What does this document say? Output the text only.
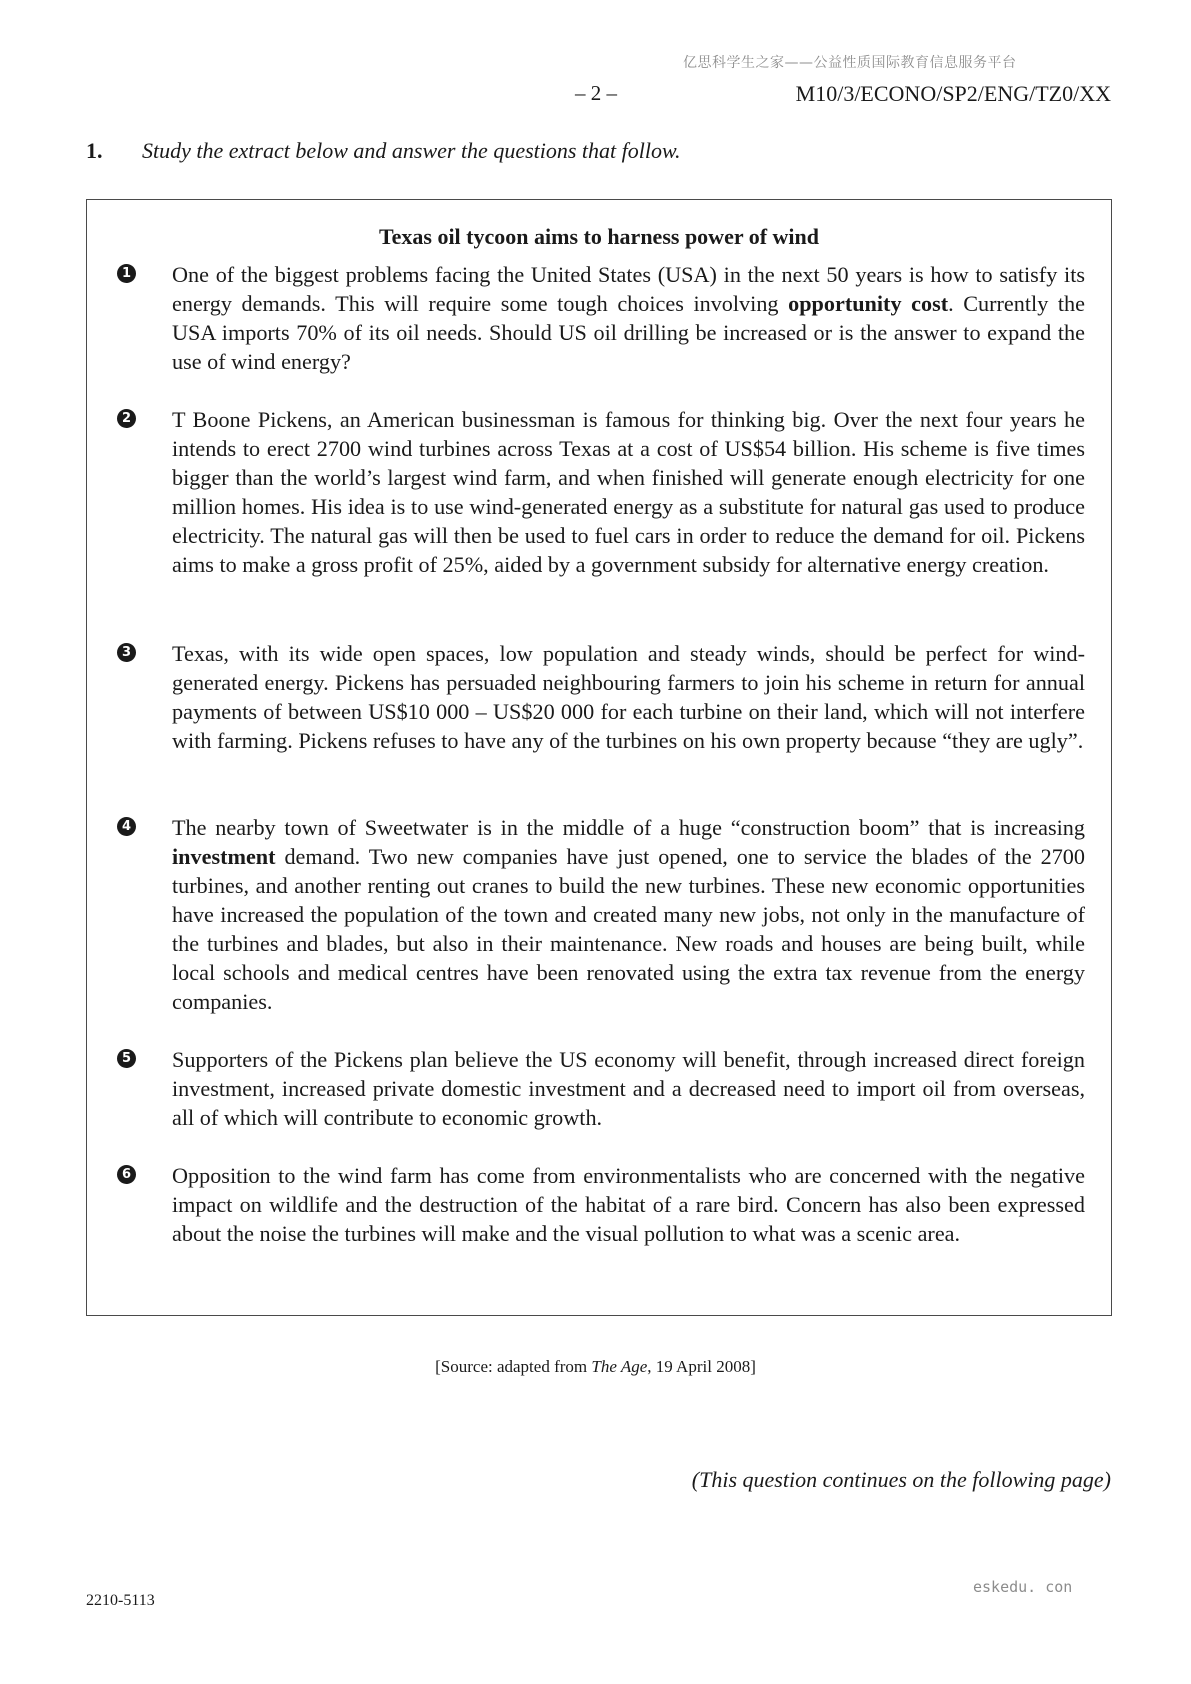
亿思科学生之家——公益性质国际教育信息服务平台
– 2 –	M10/3/ECONO/SP2/ENG/TZ0/XX
1. Study the extract below and answer the questions that follow.
Texas oil tycoon aims to harness power of wind
1 One of the biggest problems facing the United States (USA) in the next 50 years is how to satisfy its energy demands. This will require some tough choices involving opportunity cost. Currently the USA imports 70% of its oil needs. Should US oil drilling be increased or is the answer to expand the use of wind energy?
2 T Boone Pickens, an American businessman is famous for thinking big. Over the next four years he intends to erect 2700 wind turbines across Texas at a cost of US$54 billion. His scheme is five times bigger than the world’s largest wind farm, and when finished will generate enough electricity for one million homes. His idea is to use wind-generated energy as a substitute for natural gas used to produce electricity. The natural gas will then be used to fuel cars in order to reduce the demand for oil. Pickens aims to make a gross profit of 25%, aided by a government subsidy for alternative energy creation.
3 Texas, with its wide open spaces, low population and steady winds, should be perfect for wind-generated energy. Pickens has persuaded neighbouring farmers to join his scheme in return for annual payments of between US$10 000 – US$20 000 for each turbine on their land, which will not interfere with farming. Pickens refuses to have any of the turbines on his own property because “they are ugly”.
4 The nearby town of Sweetwater is in the middle of a huge “construction boom” that is increasing investment demand. Two new companies have just opened, one to service the blades of the 2700 turbines, and another renting out cranes to build the new turbines. These new economic opportunities have increased the population of the town and created many new jobs, not only in the manufacture of the turbines and blades, but also in their maintenance. New roads and houses are being built, while local schools and medical centres have been renovated using the extra tax revenue from the energy companies.
5 Supporters of the Pickens plan believe the US economy will benefit, through increased direct foreign investment, increased private domestic investment and a decreased need to import oil from overseas, all of which will contribute to economic growth.
6 Opposition to the wind farm has come from environmentalists who are concerned with the negative impact on wildlife and the destruction of the habitat of a rare bird. Concern has also been expressed about the noise the turbines will make and the visual pollution to what was a scenic area.
[Source: adapted from The Age, 19 April 2008]
(This question continues on the following page)
2210-5113
eskedu. con
